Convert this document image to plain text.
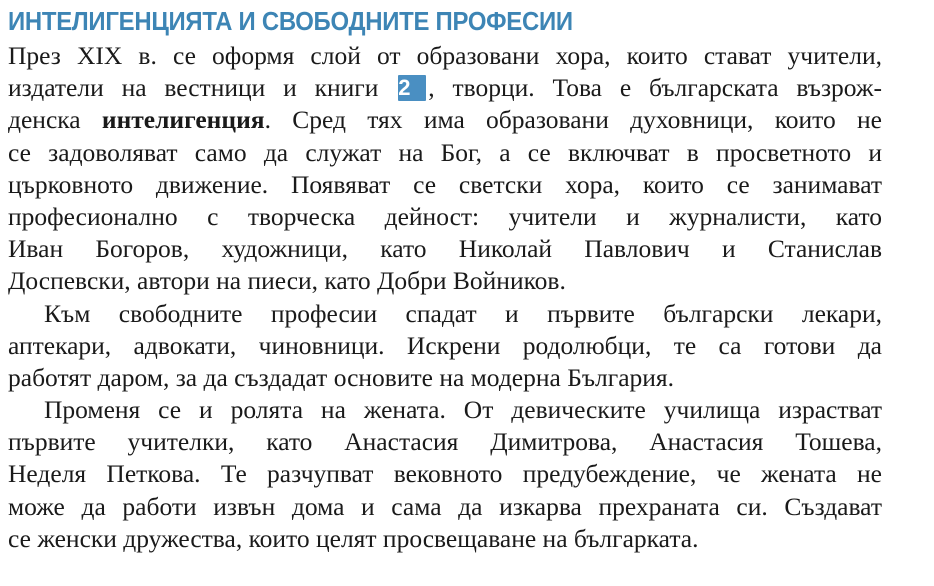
ИНТЕЛИГЕНЦИЯТА И СВОБОДНИТЕ ПРОФЕСИИ
През XIX в. се оформя слой от образовани хора, които стават учители,
издатели на вестници и книги 2 , творци. Това е българската възрож-
денска интелигенция. Сред тях има образовани духовници, които не
се задоволяват само да служат на Бог, а се включват в просветното и
църковното движение. Появяват се светски хора, които се занимават
професионално с творческа дейност: учители и журналисти, като
Иван Богоров, художници, като Николай Павлович и Станислав
Доспевски, автори на пиеси, като Добри Войников.
Към свободните професии спадат и първите български лекари,
аптекари, адвокати, чиновници. Искрени родолюбци, те са готови да
работят даром, за да създадат основите на модерна България.
Променя се и ролята на жената. От девическите училища израстват
първите учителки, като Анастасия Димитрова, Анастасия Тошева,
Неделя Петкова. Те разчупват вековното предубеждение, че жената не
може да работи извън дома и сама да изкарва прехраната си. Създават
се женски дружества, които целят просвещаване на българката.
